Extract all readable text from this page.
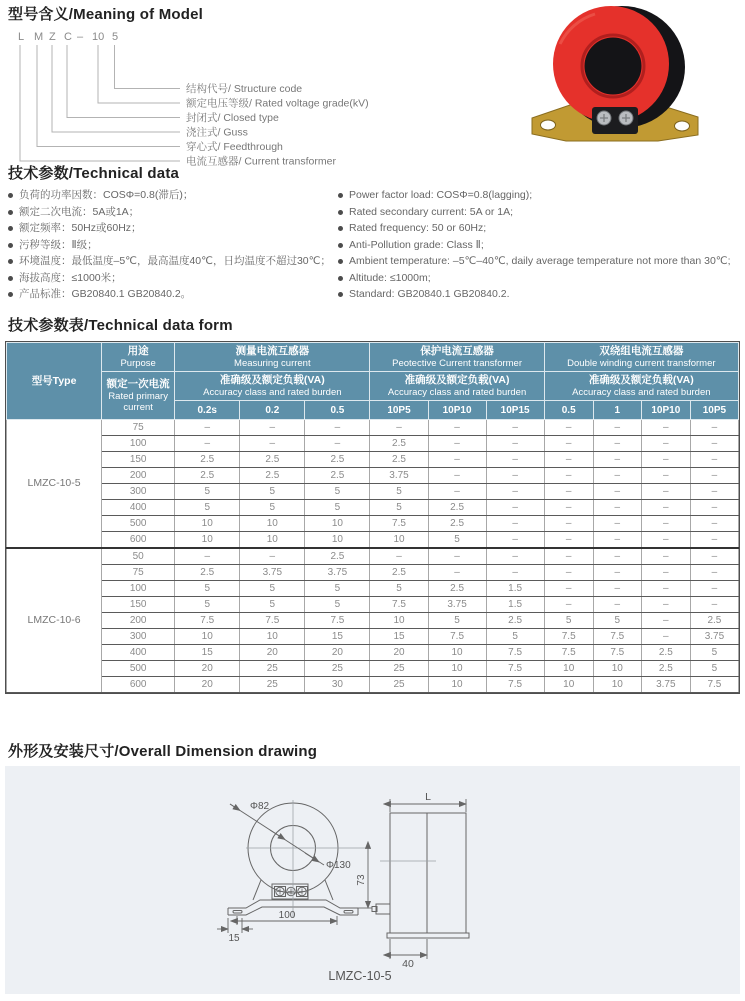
型号含义/Meaning of Model
L M Z C – 10 5
结构代号/ Structure code
额定电压等级/ Rated voltage grade(kV)
封闭式/ Closed type
浇注式/ Guss
穿心式/ Feedthrough
电流互感器/ Current transformer
技术参数/Technical data
负荷的功率因数：COSΦ=0.8(滞后)；
额定二次电流：5A或1A；
额定频率：50Hz或60Hz；
污秽等级：Ⅱ级；
环境温度：最低温度–5℃，最高温度40℃，日均温度不超过30℃；
海拔高度：≤1000米；
产品标准：GB20840.1 GB20840.2。
Power factor load: COSΦ=0.8(lagging);
Rated secondary current: 5A or 1A;
Rated frequency: 50 or 60Hz;
Anti-Pollution grade: Class Ⅱ;
Ambient temperature: –5℃–40℃, daily average temperature not more than 30℃;
Altitude: ≤1000m;
Standard: GB20840.1 GB20840.2.
技术参数表/Technical data form
型号Type

用途
Purpose

测量电流互感器
Measuring current

保护电流互感器
Peotective Current transformer

双绕组电流互感器
Double winding current transformer

额定一次电流
Rated primary
current

准确级及额定负载(VA)
Accuracy class and rated burden

准确级及额定负载(VA)
Accuracy class and rated burden

准确级及额定负载(VA)
Accuracy class and rated burden

		0.2s	0.2	0.5	10P5	10P10	10P15	0.5	1	10P10	10P5
LMZC-10-5	75	–	–	–	–	–	–	–	–	–	–
	100	–	–	–	2.5	–	–	–	–	–	–
	150	2.5	2.5	2.5	2.5	–	–	–	–	–	–
	200	2.5	2.5	2.5	3.75	–	–	–	–	–	–
	300	5	5	5	5	–	–	–	–	–	–
	400	5	5	5	5	2.5	–	–	–	–	–
	500	10	10	10	7.5	2.5	–	–	–	–	–
	600	10	10	10	10	5	–	–	–	–	–
LMZC-10-6	50	–	–	2.5	–	–	–	–	–	–	–
	75	2.5	3.75	3.75	2.5	–	–	–	–	–	–
	100	5	5	5	5	2.5	1.5	–	–	–	–
	150	5	5	5	7.5	3.75	1.5	–	–	–	–
	200	7.5	7.5	7.5	10	5	2.5	5	5	–	2.5
	300	10	10	15	15	7.5	5	7.5	7.5	–	3.75
	400	15	20	20	20	10	7.5	7.5	7.5	2.5	5
	500	20	25	25	25	10	7.5	10	10	2.5	5
	600	20	25	30	25	10	7.5	10	10	3.75	7.5
外形及安装尺寸/Overall Dimension drawing
Φ82
Φ130
73
100
15
L
40
LMZC-10-5
